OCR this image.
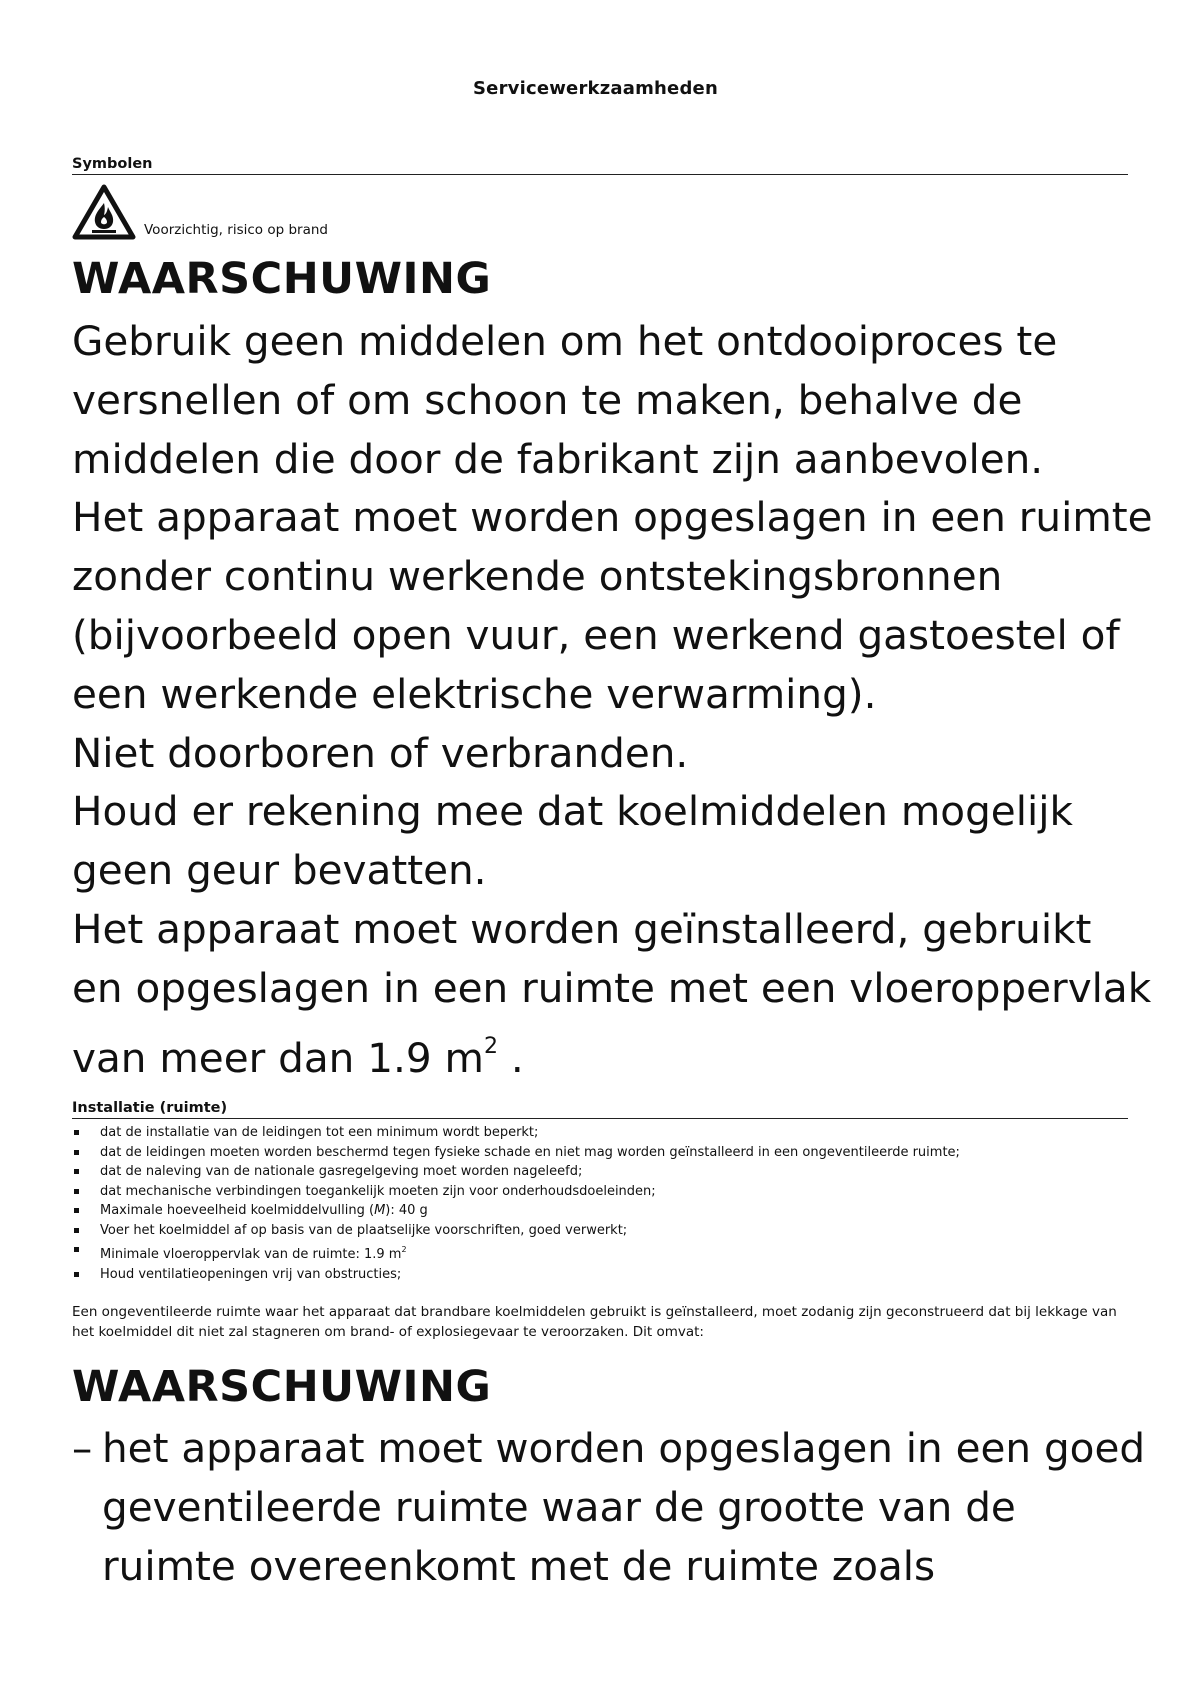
Servicewerkzaamheden
Symbolen
Voorzichtig, risico op brand
WAARSCHUWING
Gebruik geen middelen om het ontdooiproces te
versnellen of om schoon te maken, behalve de
middelen die door de fabrikant zijn aanbevolen.
Het apparaat moet worden opgeslagen in een ruimte
zonder continu werkende ontstekingsbronnen
(bijvoorbeeld open vuur, een werkend gastoestel of
een werkende elektrische verwarming).
Niet doorboren of verbranden.
Houd er rekening mee dat koelmiddelen mogelijk
geen geur bevatten.
Het apparaat moet worden geïnstalleerd, gebruikt
en opgeslagen in een ruimte met een vloeroppervlak
van meer dan 1.9 $m^2$ .
Installatie (ruimte)
dat de installatie van de leidingen tot een minimum wordt beperkt;
dat de leidingen moeten worden beschermd tegen fysieke schade en niet mag worden geïnstalleerd in een ongeventileerde ruimte;
dat de naleving van de nationale gasregelgeving moet worden nageleefd;
dat mechanische verbindingen toegankelijk moeten zijn voor onderhoudsdoeleinden;
Maximale hoeveelheid koelmiddelvulling (M): 40 g
Voer het koelmiddel af op basis van de plaatselijke voorschriften, goed verwerkt;
Minimale vloeroppervlak van de ruimte: 1.9 $m^2$
Houd ventilatieopeningen vrij van obstructies;
Een ongeventileerde ruimte waar het apparaat dat brandbare koelmiddelen gebruikt is geïnstalleerd, moet zodanig zijn geconstrueerd dat bij lekkage van het koelmiddel dit niet zal stagneren om brand- of explosiegevaar te veroorzaken. Dit omvat:
WAARSCHUWING
– het apparaat moet worden opgeslagen in een goed
geventileerde ruimte waar de grootte van de
ruimte overeenkomt met de ruimte zoals
